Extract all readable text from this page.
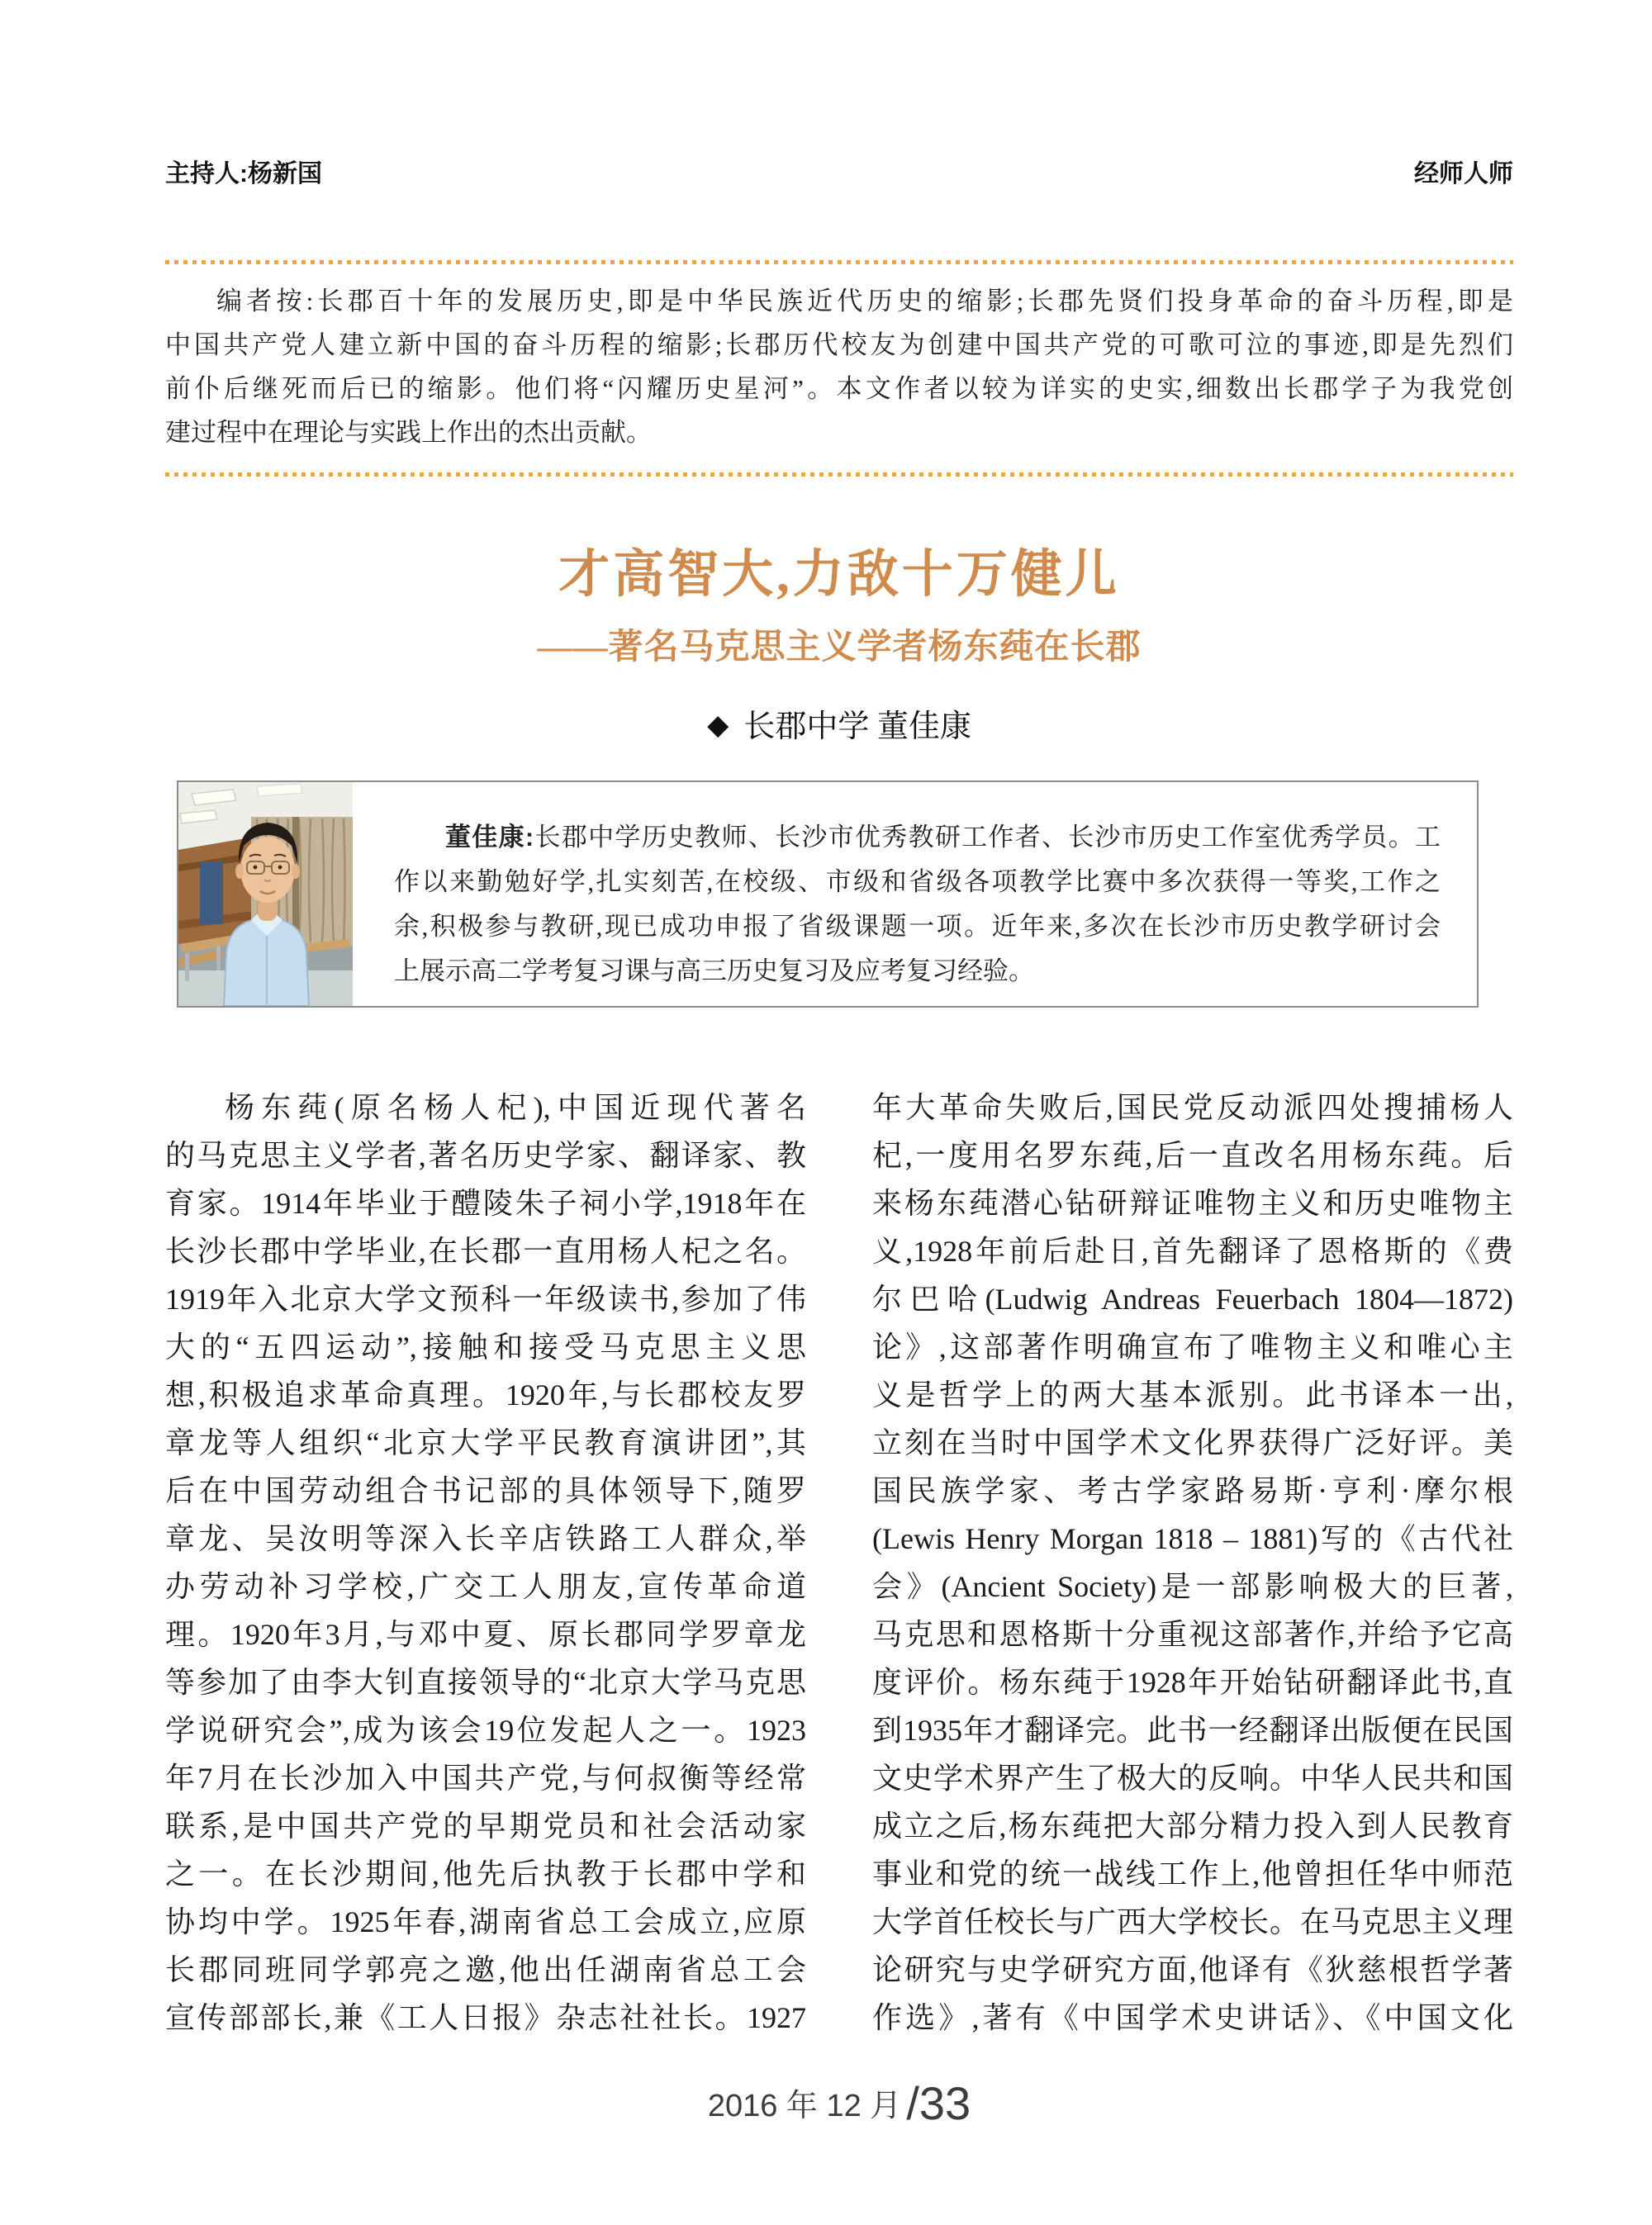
主持人:杨新国	经师人师
编者按:长郡百十年的发展历史,即是中华民族近代历史的缩影;长郡先贤们投身革命的奋斗历程,即是
中国共产党人建立新中国的奋斗历程的缩影;长郡历代校友为创建中国共产党的可歌可泣的事迹,即是先烈们
前仆后继死而后已的缩影。他们将“闪耀历史星河”。本文作者以较为详实的史实,细数出长郡学子为我党创
建过程中在理论与实践上作出的杰出贡献。
才高智大,力敌十万健儿
——著名马克思主义学者杨东莼在长郡
◆ 长郡中学 董佳康
董佳康:长郡中学历史教师、长沙市优秀教研工作者、长沙市历史工作室优秀学员。工
作以来勤勉好学,扎实刻苦,在校级、市级和省级各项教学比赛中多次获得一等奖,工作之
余,积极参与教研,现已成功申报了省级课题一项。近年来,多次在长沙市历史教学研讨会
上展示高二学考复习课与高三历史复习及应考复习经验。
杨东莼(原名杨人杞),中国近现代著名
的马克思主义学者,著名历史学家、翻译家、教
育家。1914年毕业于醴陵朱子祠小学,1918年在
长沙长郡中学毕业,在长郡一直用杨人杞之名。
1919年入北京大学文预科一年级读书,参加了伟
大的“五四运动”,接触和接受马克思主义思
想,积极追求革命真理。1920年,与长郡校友罗
章龙等人组织“北京大学平民教育演讲团”,其
后在中国劳动组合书记部的具体领导下,随罗
章龙、吴汝明等深入长辛店铁路工人群众,举
办劳动补习学校,广交工人朋友,宣传革命道
理。1920年3月,与邓中夏、原长郡同学罗章龙
等参加了由李大钊直接领导的“北京大学马克思
学说研究会”,成为该会19位发起人之一。1923
年7月在长沙加入中国共产党,与何叔衡等经常
联系,是中国共产党的早期党员和社会活动家
之一。在长沙期间,他先后执教于长郡中学和
协均中学。1925年春,湖南省总工会成立,应原
长郡同班同学郭亮之邀,他出任湖南省总工会
宣传部部长,兼《工人日报》杂志社社长。1927
年大革命失败后,国民党反动派四处搜捕杨人
杞,一度用名罗东莼,后一直改名用杨东莼。后
来杨东莼潜心钻研辩证唯物主义和历史唯物主
义,1928年前后赴日,首先翻译了恩格斯的《费
尔巴哈(Ludwig Andreas Feuerbach 1804—1872)
论》,这部著作明确宣布了唯物主义和唯心主
义是哲学上的两大基本派别。此书译本一出,
立刻在当时中国学术文化界获得广泛好评。美
国民族学家、考古学家路易斯·亨利·摩尔根
(Lewis Henry Morgan 1818 – 1881)写的《古代社
会》(Ancient Society)是一部影响极大的巨著,
马克思和恩格斯十分重视这部著作,并给予它高
度评价。杨东莼于1928年开始钻研翻译此书,直
到1935年才翻译完。此书一经翻译出版便在民国
文史学术界产生了极大的反响。中华人民共和国
成立之后,杨东莼把大部分精力投入到人民教育
事业和党的统一战线工作上,他曾担任华中师范
大学首任校长与广西大学校长。在马克思主义理
论研究与史学研究方面,他译有《狄慈根哲学著
作选》,著有《中国学术史讲话》、《中国文化
2016 年 12 月 /33
